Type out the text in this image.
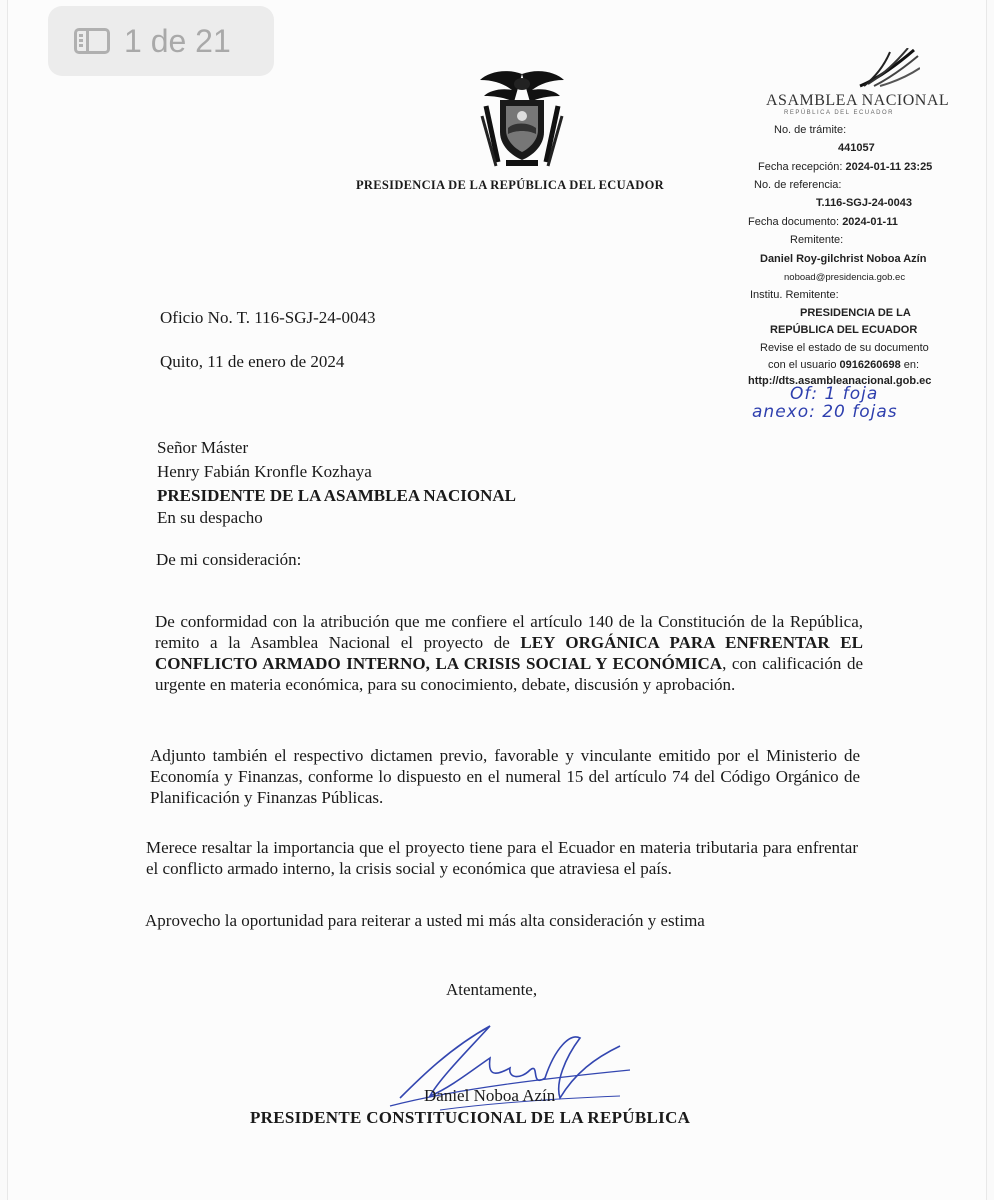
1 de 21
PRESIDENCIA DE LA REPÚBLICA DEL ECUADOR
ASAMBLEA NACIONAL
REPÚBLICA DEL ECUADOR
No. de trámite:
441057
Fecha recepción: 2024-01-11 23:25
No. de referencia:
T.116-SGJ-24-0043
Fecha documento: 2024-01-11
Remitente:
Daniel Roy-gilchrist Noboa Azín
noboad@presidencia.gob.ec
Institu. Remitente:
PRESIDENCIA DE LA
REPÚBLICA DEL ECUADOR
Revise el estado de su documento
con el usuario 0916260698 en:
http://dts.asambleanacional.gob.ec
Of: 1 foja
anexo: 20 fojas
Oficio No. T. 116-SGJ-24-0043
Quito, 11 de enero de 2024
Señor Máster
Henry Fabián Kronfle Kozhaya
PRESIDENTE DE LA ASAMBLEA NACIONAL
En su despacho
De mi consideración:
De conformidad con la atribución que me confiere el artículo 140 de la Constitución de la República, remito a la Asamblea Nacional el proyecto de LEY ORGÁNICA PARA ENFRENTAR EL CONFLICTO ARMADO INTERNO, LA CRISIS SOCIAL Y ECONÓMICA, con calificación de urgente en materia económica, para su conocimiento, debate, discusión y aprobación.
Adjunto también el respectivo dictamen previo, favorable y vinculante emitido por el Ministerio de Economía y Finanzas, conforme lo dispuesto en el numeral 15 del artículo 74 del Código Orgánico de Planificación y Finanzas Públicas.
Merece resaltar la importancia que el proyecto tiene para el Ecuador en materia tributaria para enfrentar el conflicto armado interno, la crisis social y económica que atraviesa el país.
Aprovecho la oportunidad para reiterar a usted mi más alta consideración y estima
Atentamente,
Daniel Noboa Azín
PRESIDENTE CONSTITUCIONAL DE LA REPÚBLICA
